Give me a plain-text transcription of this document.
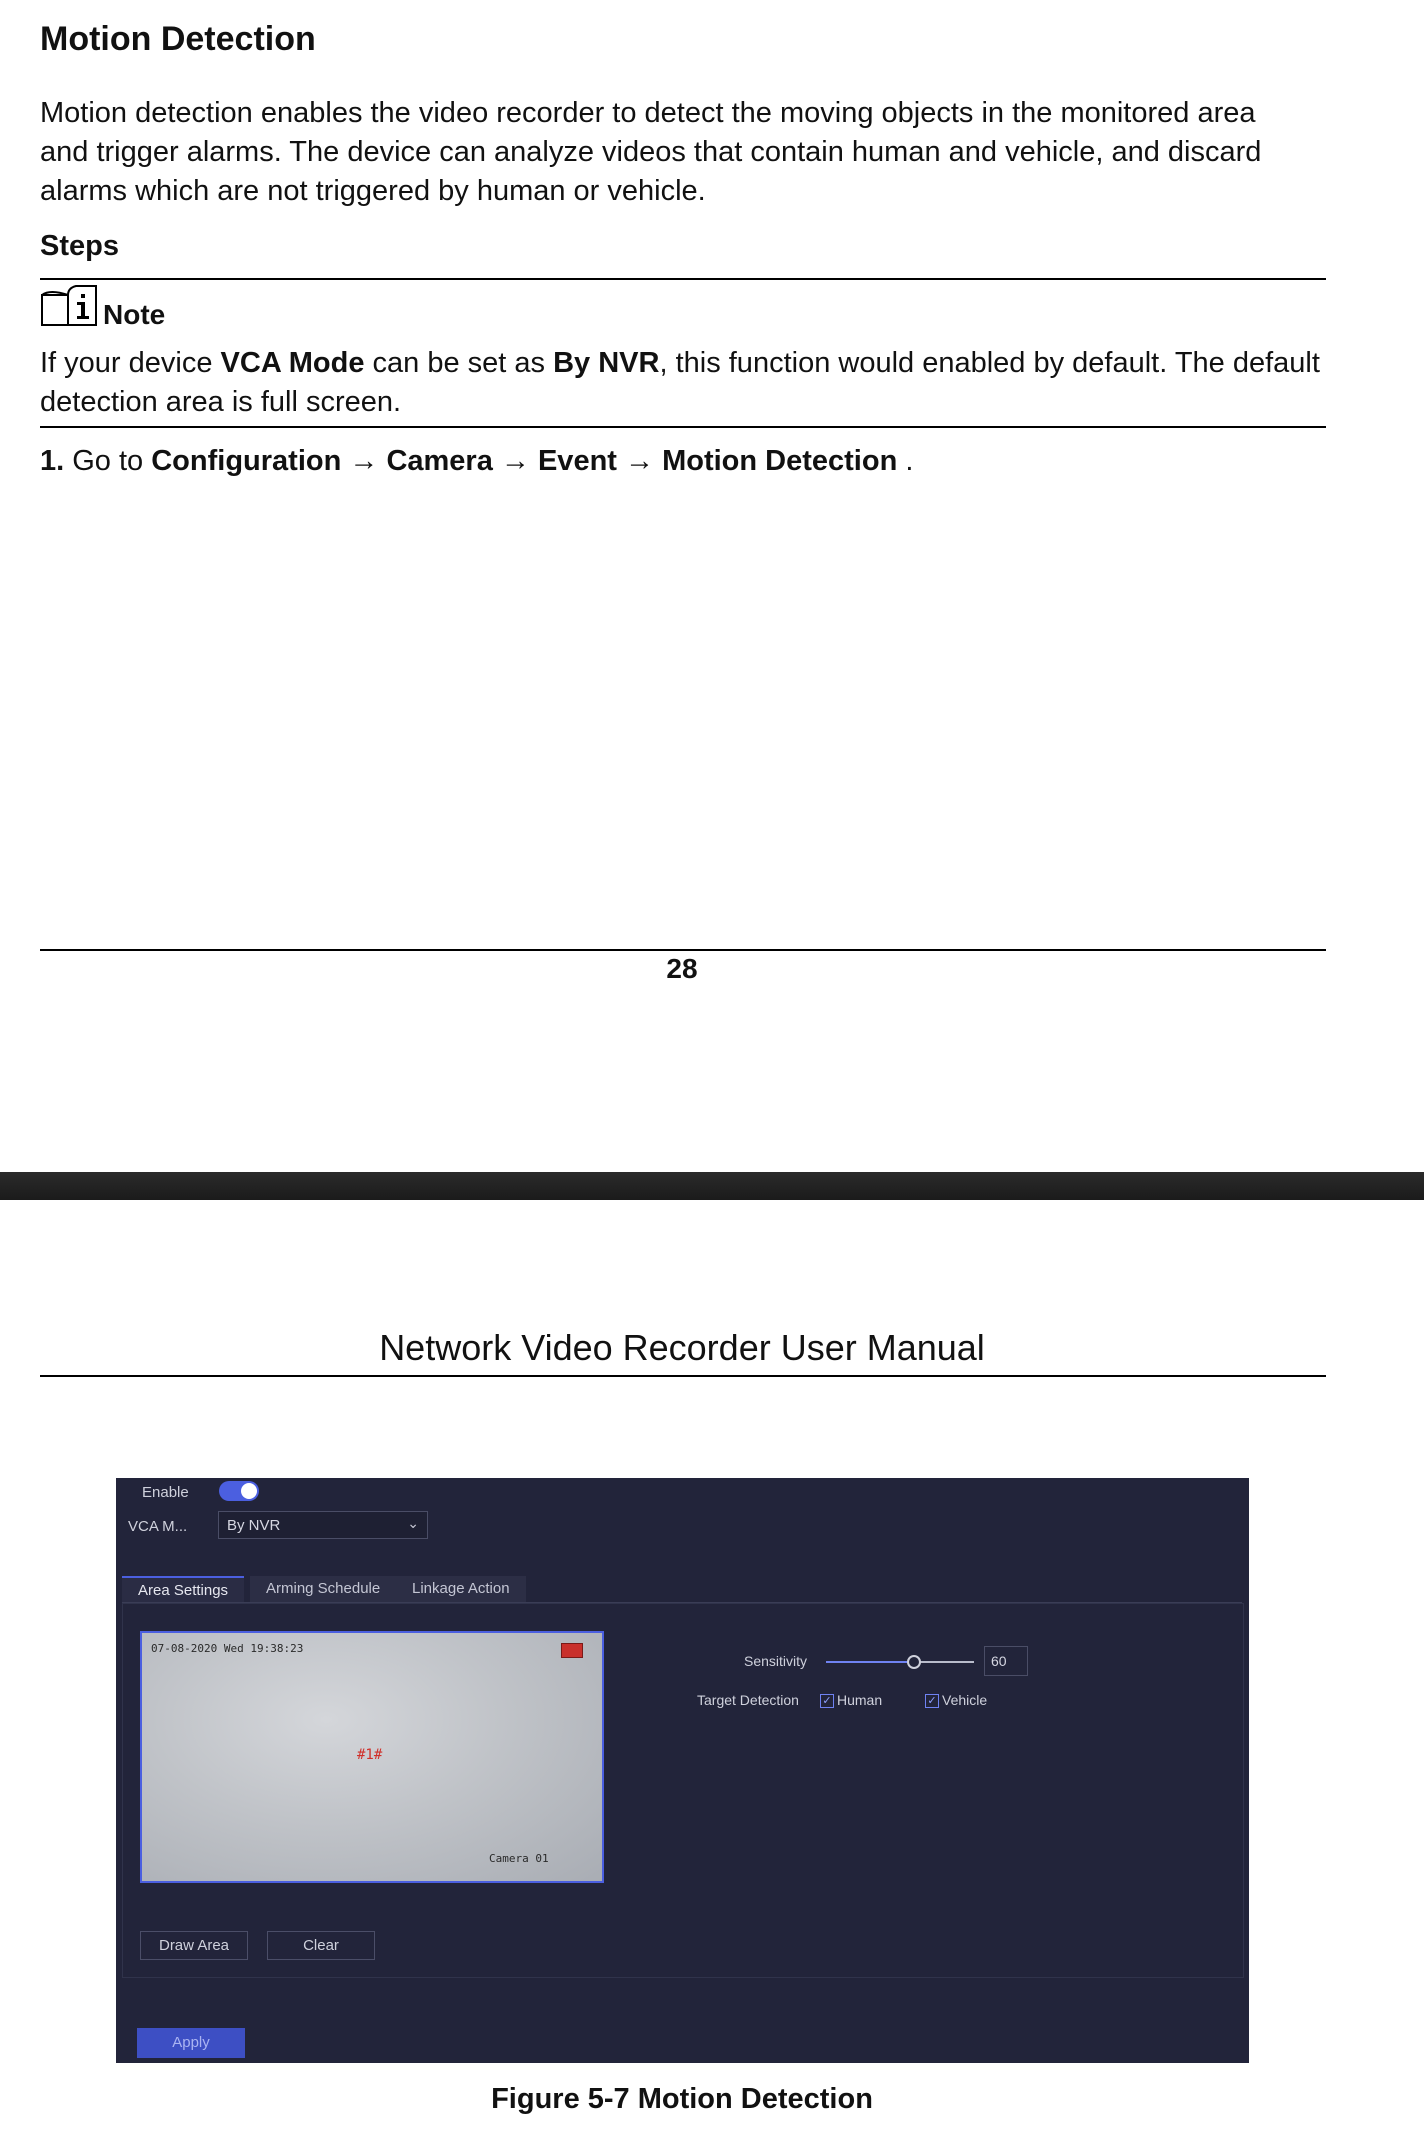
Motion Detection
Motion detection enables the video recorder to detect the moving objects in the monitored area
and trigger alarms. The device can analyze videos that contain human and vehicle, and discard
alarms which are not triggered by human or vehicle.
Steps
Note
If your device VCA Mode can be set as By NVR, this function would enabled by default. The default
detection area is full screen.
1. Go to Configuration → Camera → Event → Motion Detection .
28
Network Video Recorder User Manual
Enable
VCA M...	By NVR	⌄
Area Settings	Arming Schedule	Linkage Action
07-08-2020 Wed 19:38:23
#1#
Camera 01
Sensitivity	60
Target Detection ✓ Human	✓ Vehicle
Draw Area	Clear
Apply
Figure 5-7 Motion Detection
